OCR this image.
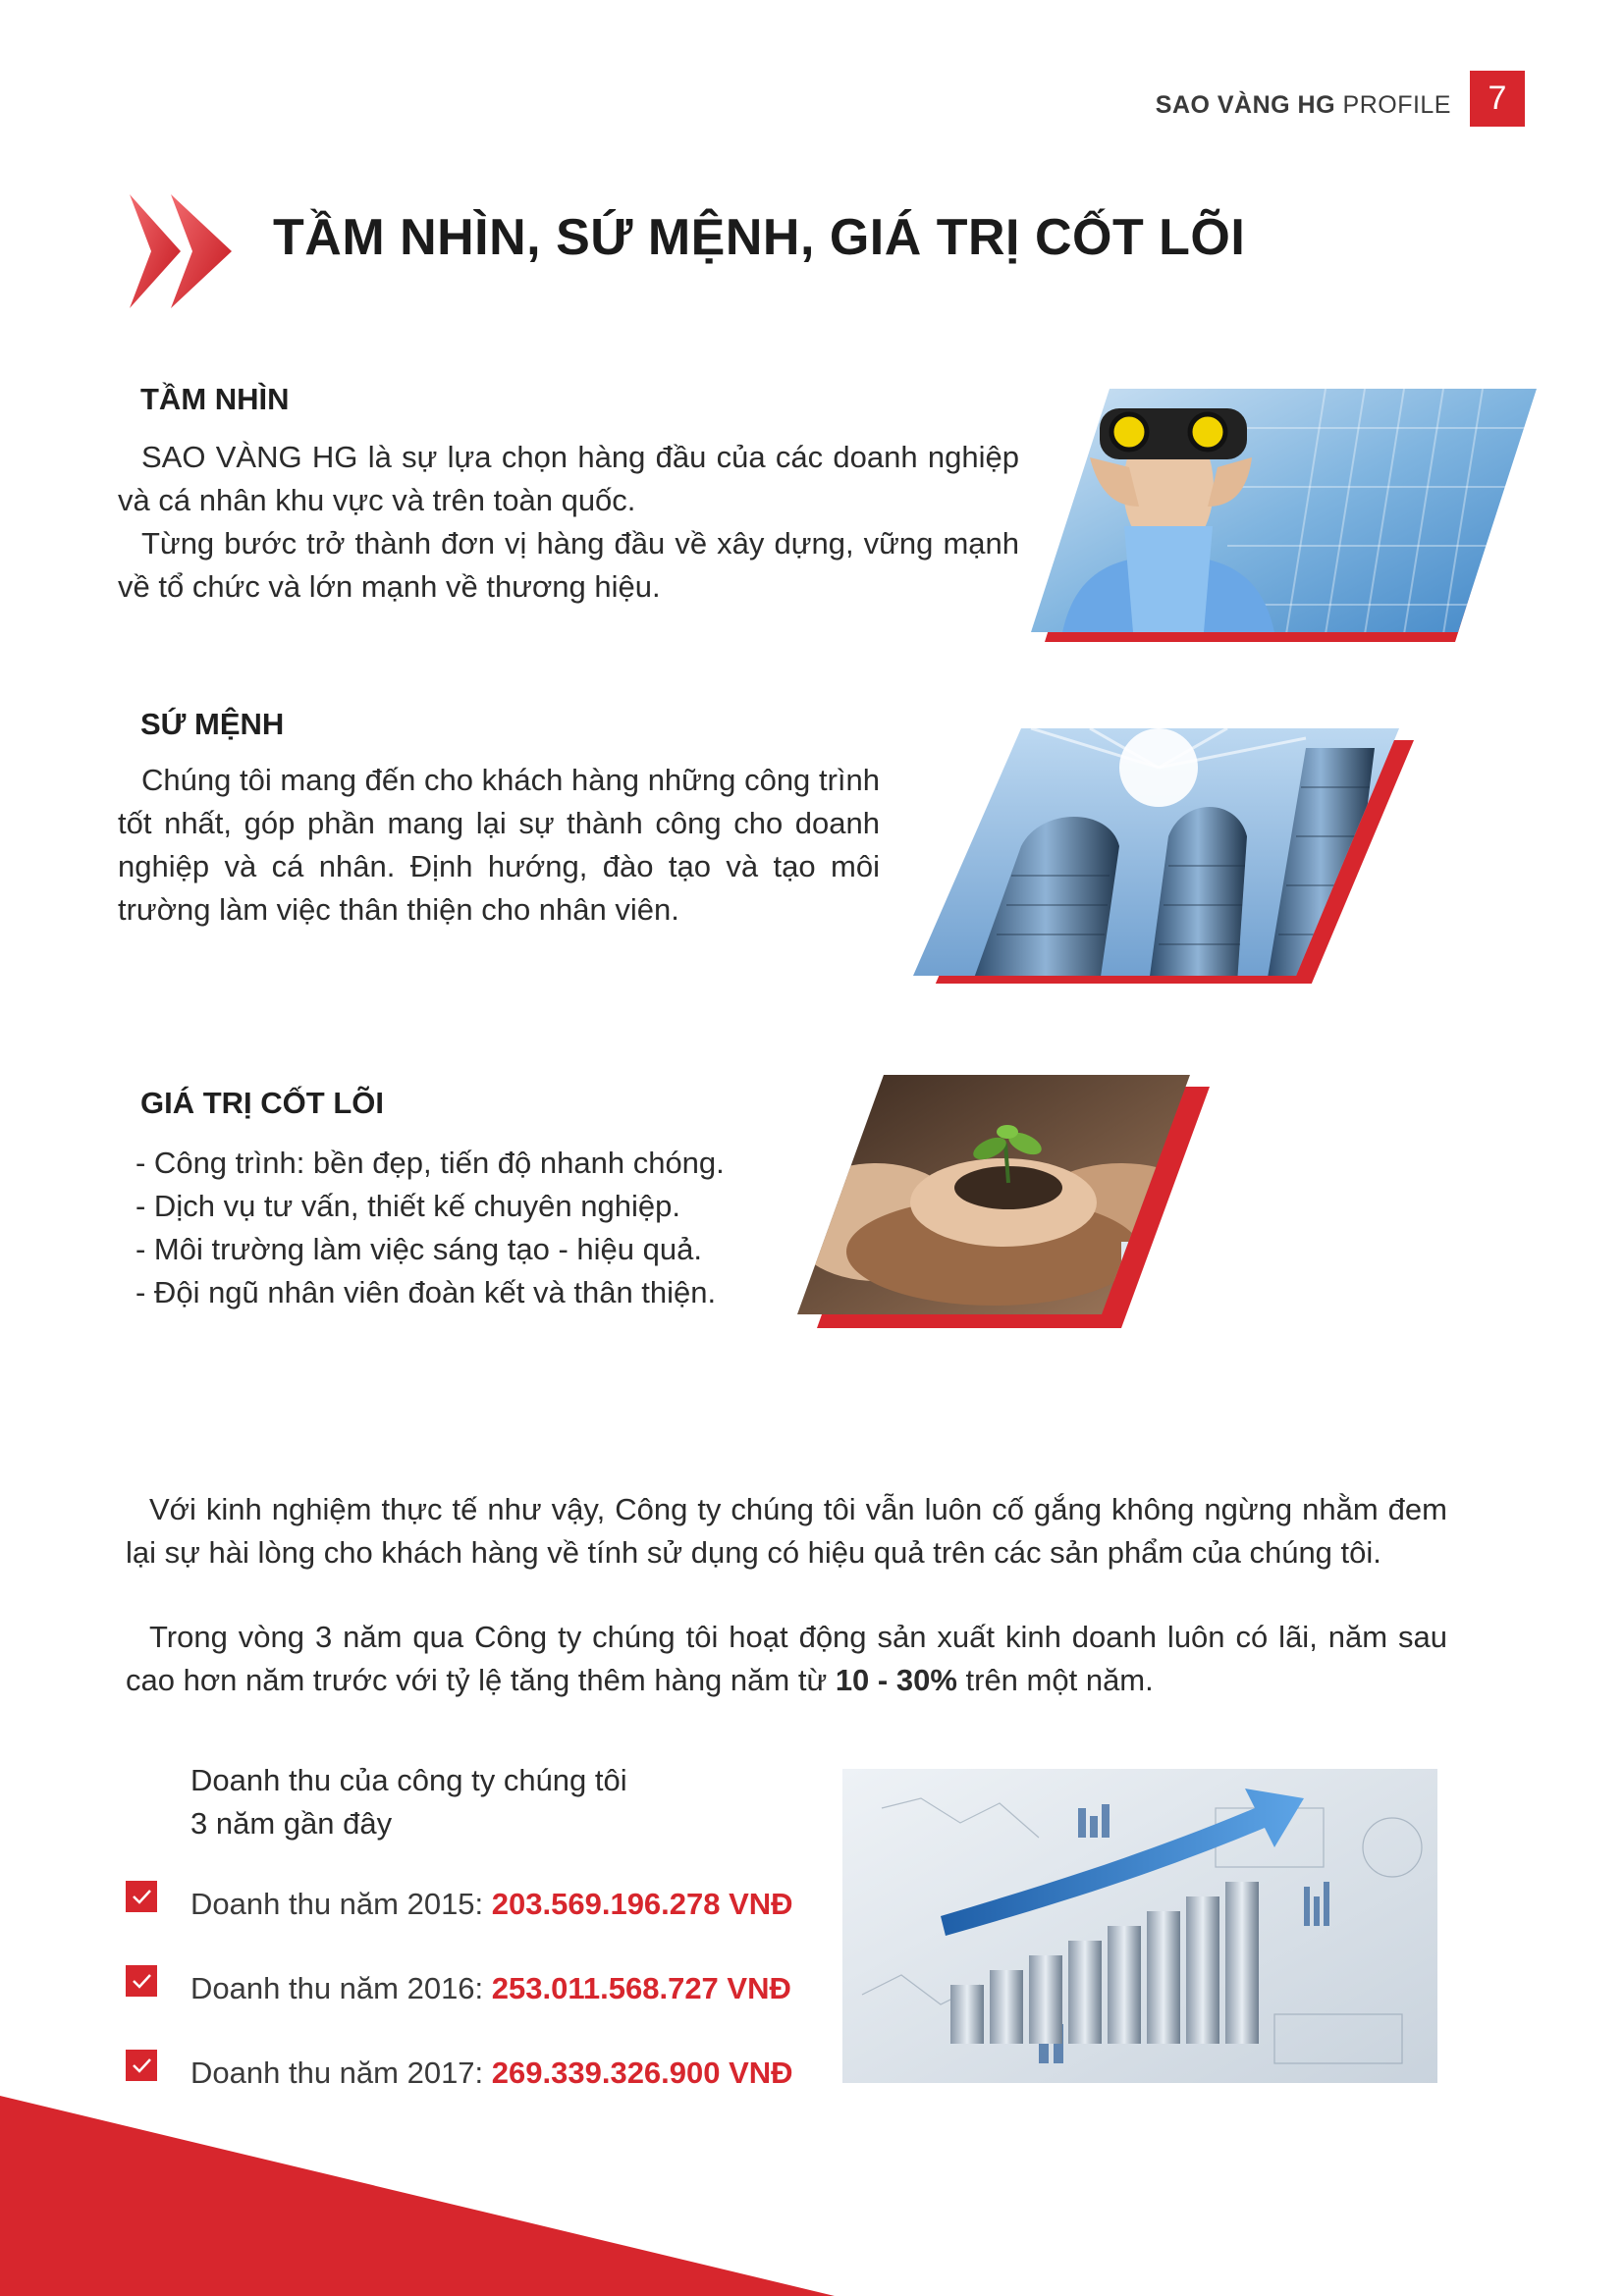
SAO VÀNG HG PROFILE	7
TẦM NHÌN, SỨ MỆNH, GIÁ TRỊ CỐT LÕI
TẦM NHÌN

SAO VÀNG HG là sự lựa chọn hàng đầu của các doanh nghiệp và cá nhân khu vực và trên toàn quốc.

Từng bước trở thành đơn vị hàng đầu về xây dựng, vững mạnh về tổ chức và lớn mạnh về thương hiệu.

SỨ MỆNH
Chúng tôi mang đến cho khách hàng những công trình tốt nhất, góp phần mang lại sự thành công cho doanh nghiệp và cá nhân. Định hướng, đào tạo và tạo môi trường làm việc thân thiện cho nhân viên.
GIÁ TRỊ CỐT LÕI
- Công trình: bền đẹp, tiến độ nhanh chóng.
- Dịch vụ tư vấn, thiết kế chuyên nghiệp.
- Môi trường làm việc sáng tạo - hiệu quả.
- Đội ngũ nhân viên đoàn kết và thân thiện.
Với kinh nghiệm thực tế như vậy, Công ty chúng tôi vẫn luôn cố gắng không ngừng nhằm đem lại sự hài lòng cho khách hàng về tính sử dụng có hiệu quả trên các sản phẩm của chúng tôi.
Trong vòng 3 năm qua Công ty chúng tôi hoạt động sản xuất kinh doanh luôn có lãi, năm sau cao hơn năm trước với tỷ lệ tăng thêm hàng năm từ 10 - 30% trên một năm.
Doanh thu của công ty chúng tôi
3 năm gần đây
Doanh thu năm 2015: 203.569.196.278 VNĐ
Doanh thu năm 2016: 253.011.568.727 VNĐ
Doanh thu năm 2017: 269.339.326.900 VNĐ
